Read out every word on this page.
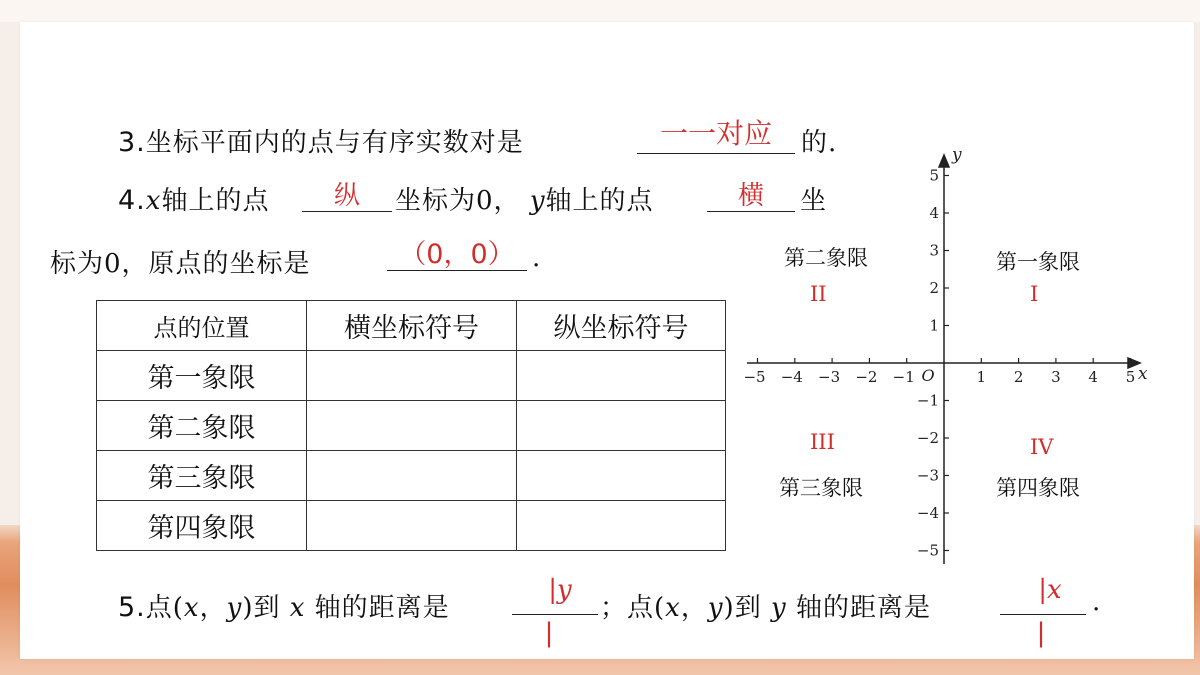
3.坐标平面内的点与有序实数对是	一一对应	的.
4.x轴上的点	纵	坐标为0， y轴上的点	横	坐
标为0，原点的坐标是	（0，0） .
点的位置	横坐标符号	纵坐标符号
第一象限		
第二象限		
第三象限		
第四象限		
−5 −4 −3 −2 −1	1 2 3 4 5
5
4
3
2
1
−1
−2
−3
−4
−5
x
y
O
第二象限
II
第一象限
I
III
第三象限
IV
第四象限
5.点(x，y)到 x 轴的距离是
|y
|
；点(x，y)到 y 轴的距离是
|x
|
.
